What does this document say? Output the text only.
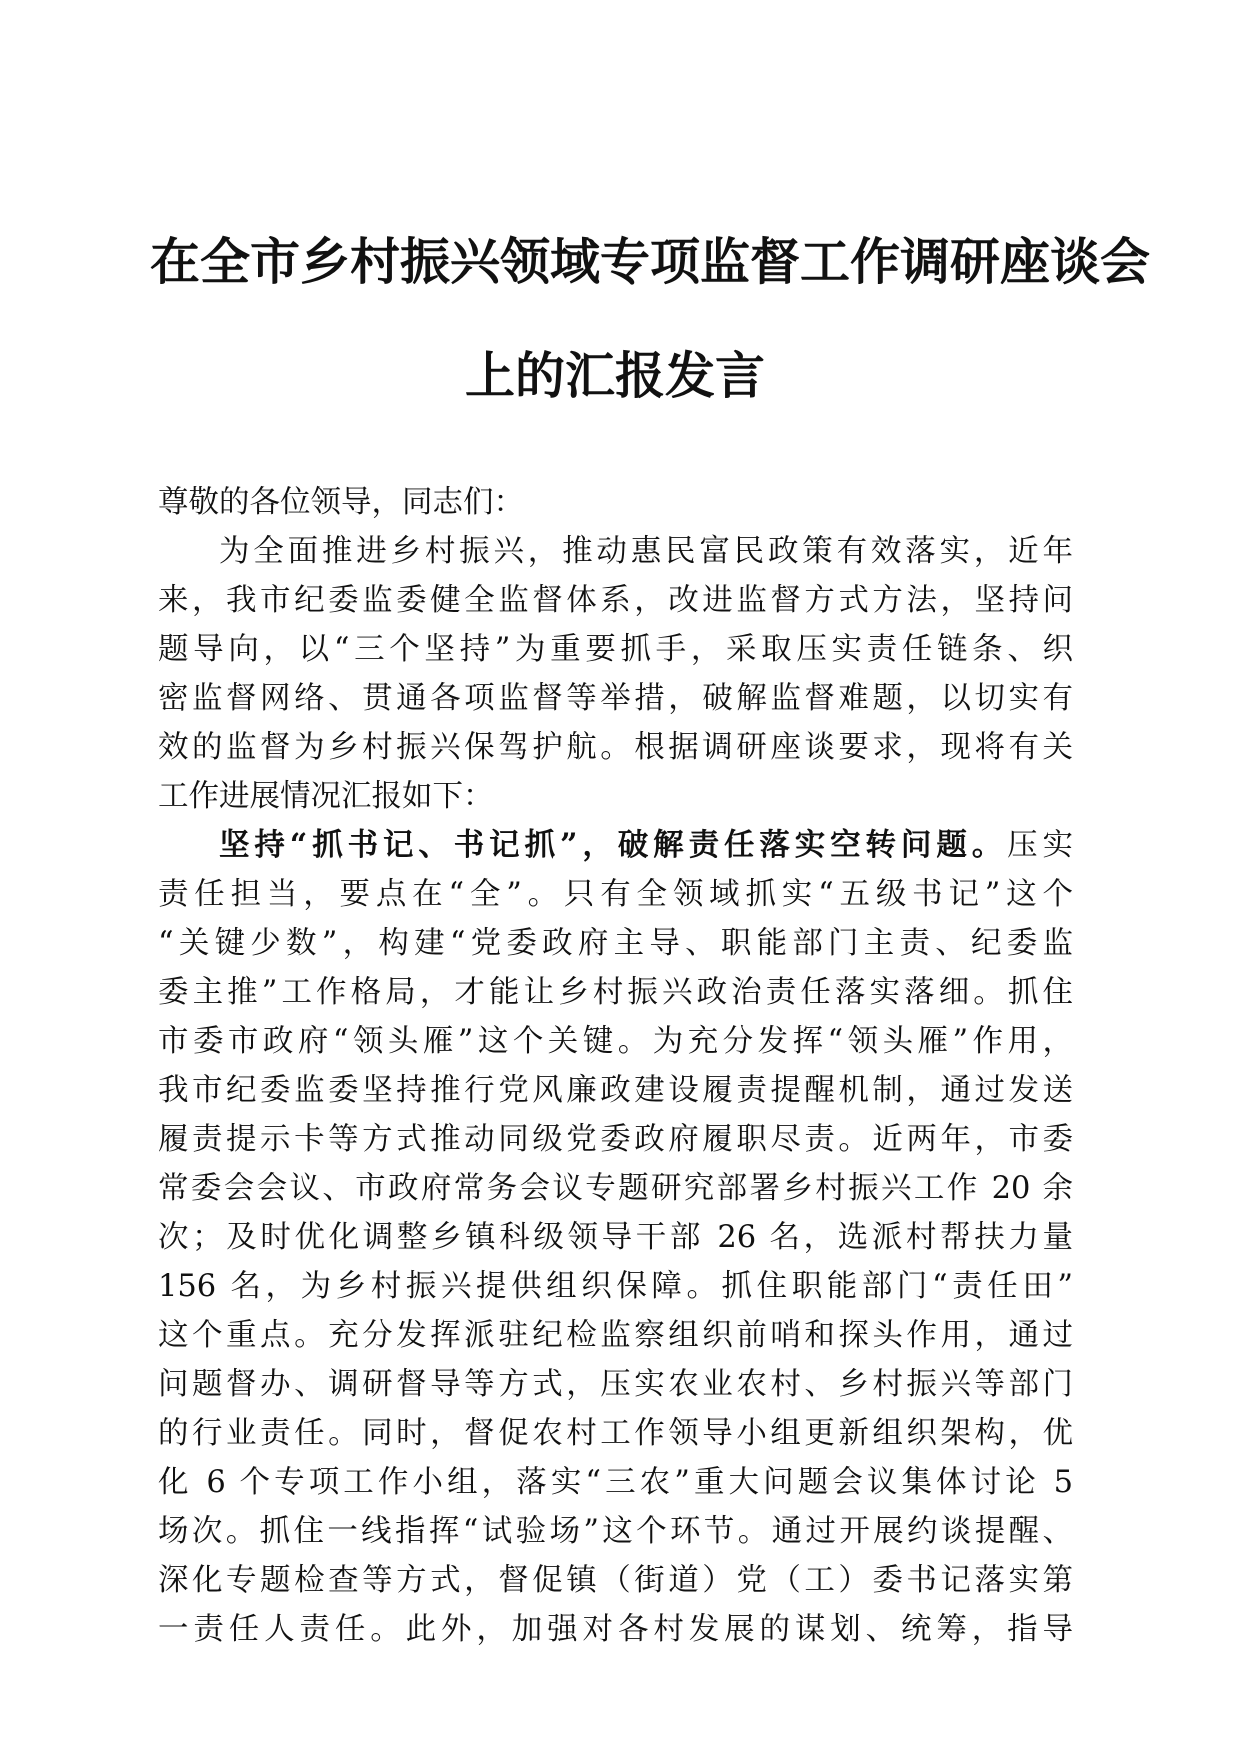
在全市乡村振兴领域专项监督工作调研座谈会
上的汇报发言
尊敬的各位领导，同志们：
为全面推进乡村振兴，推动惠民富民政策有效落实，近年
来，我市纪委监委健全监督体系，改进监督方式方法，坚持问
题导向，以“三个坚持”为重要抓手，采取压实责任链条、织
密监督网络、贯通各项监督等举措，破解监督难题，以切实有
效的监督为乡村振兴保驾护航。根据调研座谈要求，现将有关
工作进展情况汇报如下：
坚持“抓书记、书记抓”，破解责任落实空转问题。压实
责任担当，要点在“全”。只有全领域抓实“五级书记”这个
“关键少数”，构建“党委政府主导、职能部门主责、纪委监
委主推”工作格局，才能让乡村振兴政治责任落实落细。抓住
市委市政府“领头雁”这个关键。为充分发挥“领头雁”作用，
我市纪委监委坚持推行党风廉政建设履责提醒机制，通过发送
履责提示卡等方式推动同级党委政府履职尽责。近两年，市委
常委会会议、市政府常务会议专题研究部署乡村振兴工作 20 余
次；及时优化调整乡镇科级领导干部 26 名，选派村帮扶力量
156 名，为乡村振兴提供组织保障。抓住职能部门“责任田”
这个重点。充分发挥派驻纪检监察组织前哨和探头作用，通过
问题督办、调研督导等方式，压实农业农村、乡村振兴等部门
的行业责任。同时，督促农村工作领导小组更新组织架构，优
化 6 个专项工作小组，落实“三农”重大问题会议集体讨论 5
场次。抓住一线指挥“试验场”这个环节。通过开展约谈提醒、
深化专题检查等方式，督促镇（街道）党（工）委书记落实第
一责任人责任。此外，加强对各村发展的谋划、统筹，指导
